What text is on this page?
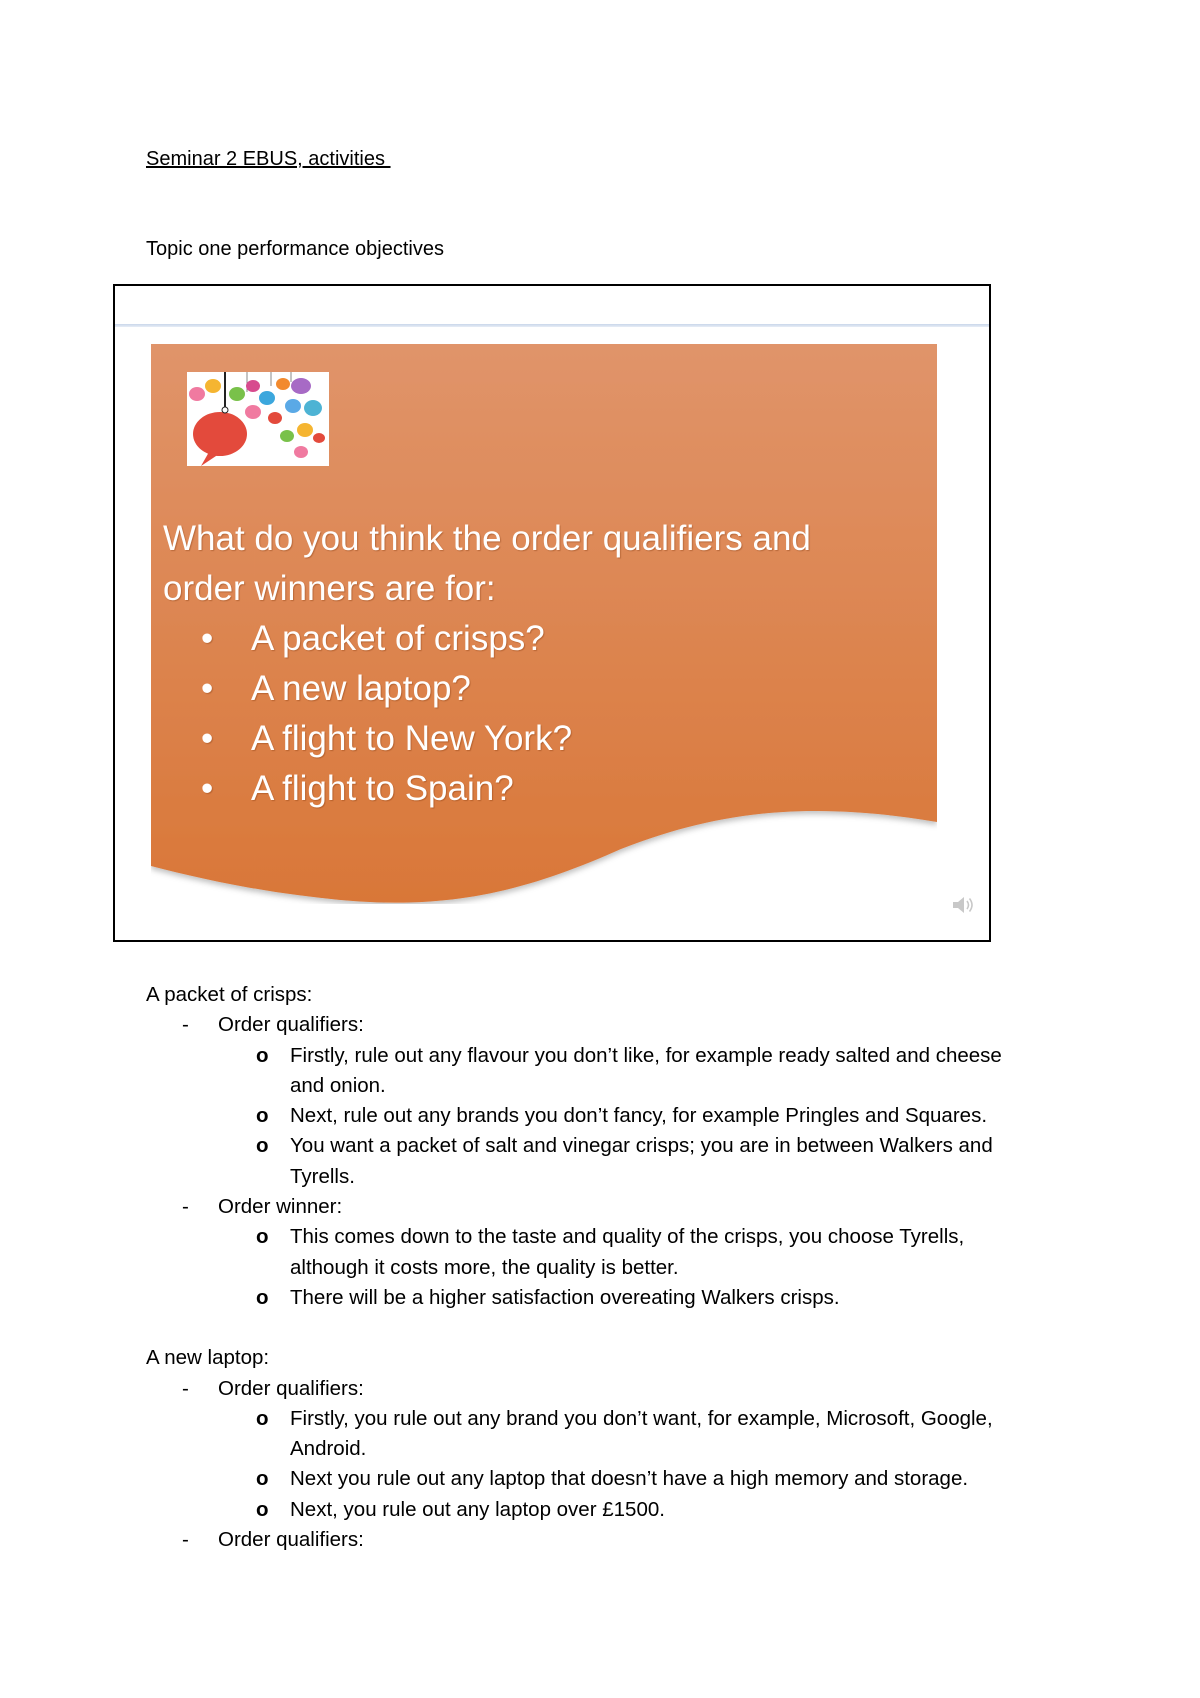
Seminar 2 EBUS, activities
Topic one performance objectives

What do you think the order qualifiers and

order winners are for:

• A packet of crisps?
• A new laptop?
• A flight to New York?
• A flight to Spain?

A packet of crisps:

- Order qualifiers:
o Firstly, rule out any flavour you don’t like, for example ready salted and cheese and onion.
o Next, rule out any brands you don’t fancy, for example Pringles and Squares.
o You want a packet of salt and vinegar crisps; you are in between Walkers and Tyrells.
- Order winner:
o This comes down to the taste and quality of the crisps, you choose Tyrells, although it costs more, the quality is better.
o There will be a higher satisfaction overeating Walkers crisps.

A new laptop:

- Order qualifiers:
o Firstly, you rule out any brand you don’t want, for example, Microsoft, Google, Android.
o Next you rule out any laptop that doesn’t have a high memory and storage.
o Next, you rule out any laptop over £1500.
- Order qualifiers:
